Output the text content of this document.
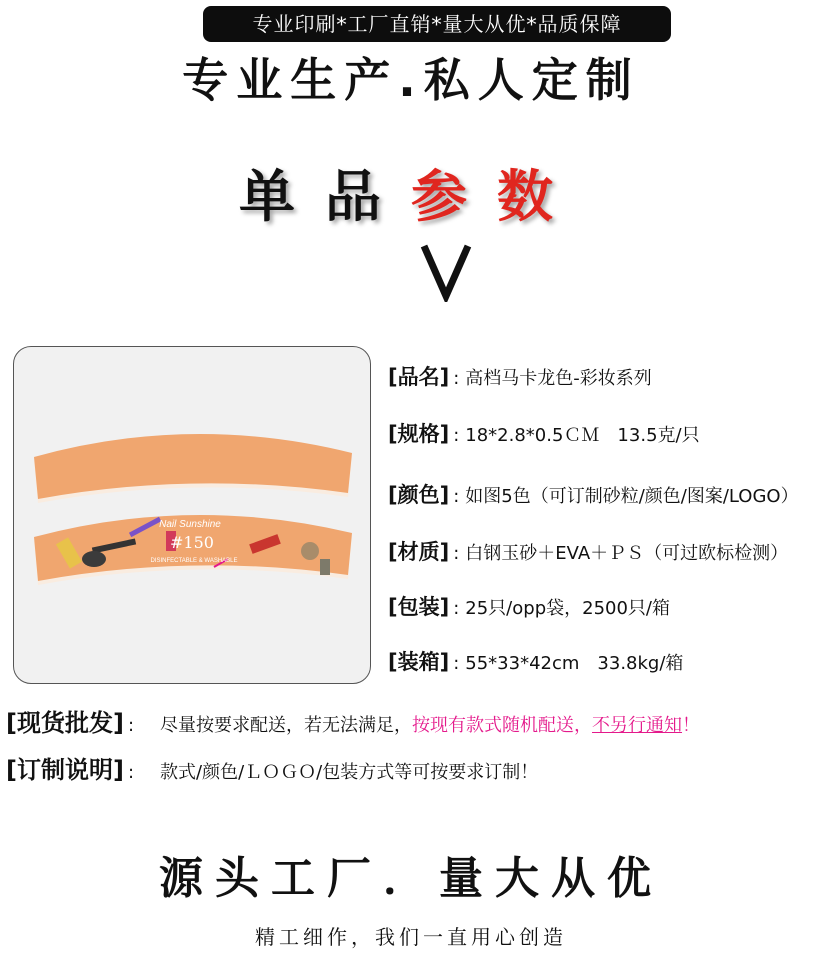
专业印刷*工厂直销*量大从优*品质保障
专业生产.私人定制
单品参数
Nail Sunshine
#150
DISINFECTABLE & WASHABLE
[品名] : 高档马卡龙色-彩妆系列
[规格] : 18*2.8*0.5ＣＭ　13.5克/只
[颜色] : 如图5色（可订制砂粒/颜色/图案/LOGO）
[材质] : 白钢玉砂＋EVA＋ＰＳ（可过欧标检测）
[包装] : 25只/opp袋，2500只/箱
[装箱] : 55*33*42cm　33.8kg/箱
[现货批发] : 尽量按要求配送，若无法满足，按现有款式随机配送，不另行通知！
[订制说明] : 款式/颜色/ＬＯＧＯ/包装方式等可按要求订制！
源头工厂．量大从优
精工细作，我们一直用心创造
